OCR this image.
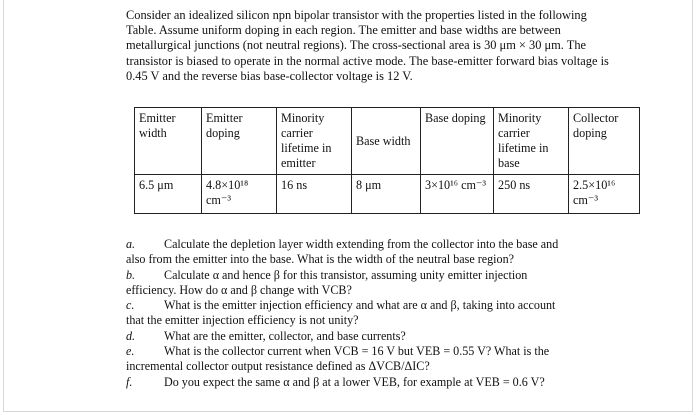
Consider an idealized silicon npn bipolar transistor with the properties listed in the following Table. Assume uniform doping in each region. The emitter and base widths are between metallurgical junctions (not neutral regions). The cross-sectional area is 30 μm × 30 μm. The transistor is biased to operate in the normal active mode. The base-emitter forward bias voltage is 0.45 V and the reverse bias base-collector voltage is 12 V.

Emitter width	Emitter doping	Minority carrier lifetime in emitter	Base width	Base doping	Minority carrier lifetime in base	Collector doping
6.5 μm	4.8×10¹⁸ cm⁻³	16 ns	8 μm	3×10¹⁶ cm⁻³	250 ns	2.5×10¹⁶ cm⁻³

a. Calculate the depletion layer width extending from the collector into the base and
also from the emitter into the base. What is the width of the neutral base region?

b. Calculate α and hence β for this transistor, assuming unity emitter injection
efficiency. How do α and β change with VCB?

c. What is the emitter injection efficiency and what are α and β, taking into account
that the emitter injection efficiency is not unity?

d. What are the emitter, collector, and base currents?

e. What is the collector current when VCB = 16 V but VEB = 0.55 V? What is the
incremental collector output resistance defined as ΔVCB/ΔIC?

f.	Do you expect the same α and β at a lower VEB, for example at VEB = 0.6 V?
